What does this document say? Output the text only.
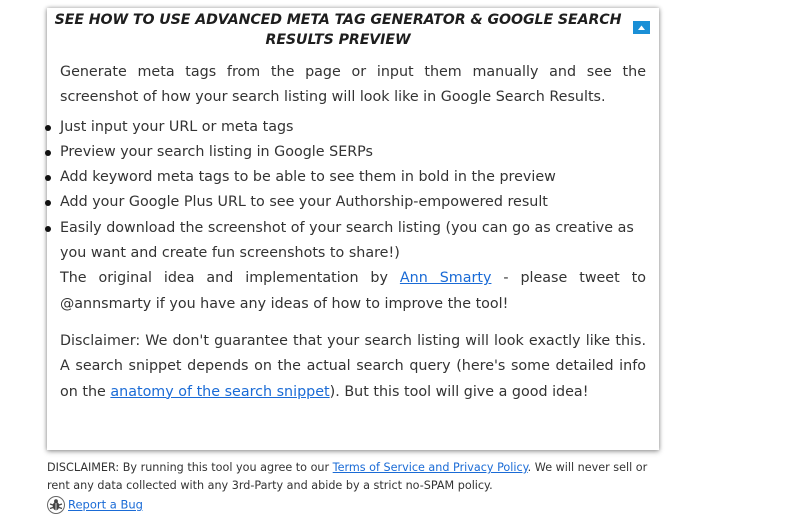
SEE HOW TO USE ADVANCED META TAG GENERATOR & GOOGLE SEARCH RESULTS PREVIEW

Generate meta tags from the page or input them manually and see the screenshot of how your search listing will look like in Google Search Results.

Just input your URL or meta tags
Preview your search listing in Google SERPs
Add keyword meta tags to be able to see them in bold in the preview
Add your Google Plus URL to see your Authorship-empowered result
Easily download the screenshot of your search listing (you can go as creative as you want and create fun screenshots to share!)

The original idea and implementation by Ann Smarty - please tweet to @annsmarty if you have any ideas of how to improve the tool!

Disclaimer: We don't guarantee that your search listing will look exactly like this. A search snippet depends on the actual search query (here's some detailed info on the anatomy of the search snippet). But this tool will give a good idea!

DISCLAIMER: By running this tool you agree to our Terms of Service and Privacy Policy. We will never sell or rent any data collected with any 3rd-Party and abide by a strict no-SPAM policy.
Report a Bug
